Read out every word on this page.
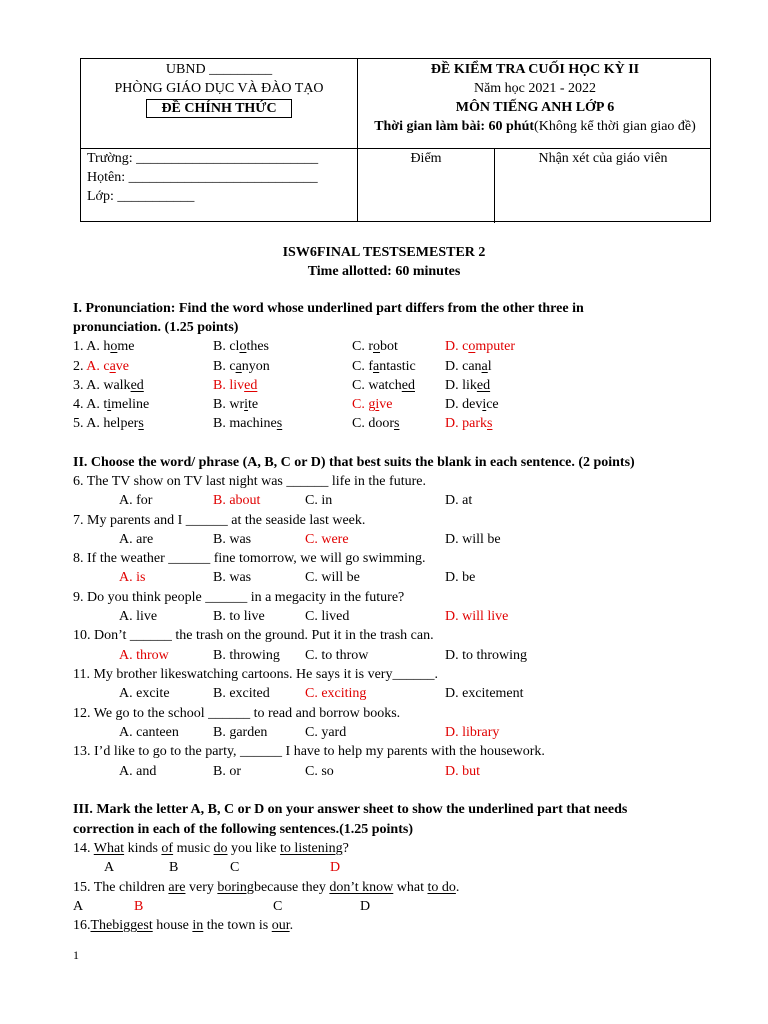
UBND _________
PHÒNG GIÁO DỤC VÀ ĐÀO TẠO
ĐỀ CHÍNH THỨC
ĐỀ KIỂM TRA CUỐI HỌC KỲ II
Năm học 2021 - 2022
MÔN TIẾNG ANH LỚP 6
Thời gian làm bài: 60 phút(Không kể thời gian giao đề)
Trường: __________________________
Họtên: ___________________________
Lớp: ___________
Điểm	Nhận xét của giáo viên
ISW6FINAL TESTSEMESTER 2
Time allotted: 60 minutes
I. Pronunciation: Find the word whose underlined part differs from the other three in
pronunciation. (1.25 points)
1. A. home	B. clothes	C. robot	D. computer
2. A. cave	B. canyon	C. fantastic D. canal
3. A. walked	B. lived	C. watched D. liked
4. A. timeline	B. write	C. give	D. device
5. A. helpers	B. machines	C. doors	D. parks
II. Choose the word/ phrase (A, B, C or D) that best suits the blank in each sentence. (2 points)
6. The TV show on TV last night was ______ life in the future.
A. for	B. about	C. in	D. at
7. My parents and I ______ at the seaside last week.
A. are	B. was	C. were	D. will be
8. If the weather ______ fine tomorrow, we will go swimming.
A. is	B. was	C. will be	D. be
9. Do you think people ______ in a megacity in the future?
A. live	B. to live	C. lived	D. will live
10. Don’t ______ the trash on the ground. Put it in the trash can.
A. throw	B. throwing C. to throw	D. to throwing
11. My brother likeswatching cartoons. He says it is very______.
A. excite	B. excited	C. exciting	D. excitement
12. We go to the school ______ to read and borrow books.
A. canteen B. garden	C. yard	D. library
13. I’d like to go to the party, ______ I have to help my parents with the housework.
A. and	B. or	C. so	D. but
III. Mark the letter A, B, C or D on your answer sheet to show the underlined part that needs
correction in each of the following sentences.(1.25 points)
14. What kinds of music do you like to listening?
A	B	C	D
15. The children are very boringbecause they don’t know what to do.
A	B	C	D
16.Thebiggest house in the town is our.
1
